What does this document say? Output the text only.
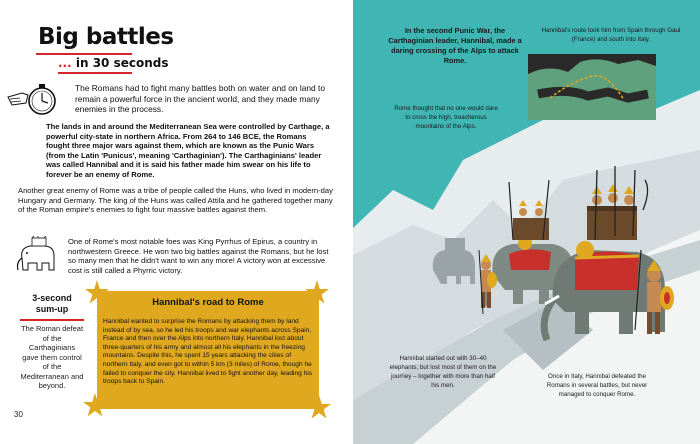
Big battles
... in 30 seconds
The Romans had to fight many battles both on water and on land to remain a powerful force in the ancient world, and they made many enemies in the process.
The lands in and around the Mediterranean Sea were controlled by Carthage, a powerful city-state in northern Africa. From 264 to 146 BCE, the Romans fought three major wars against them, which are known as the Punic Wars (from the Latin 'Punicus', meaning 'Carthaginian'). The Carthaginians' leader was called Hannibal and it is said his father made him swear on his life to forever be an enemy of Rome.
Another great enemy of Rome was a tribe of people called the Huns, who lived in modern-day Hungary and Germany. The king of the Huns was called Attila and he gathered together many of the Roman empire's enemies to fight four massive battles against them.
One of Rome's most notable foes was King Pyrrhus of Epirus, a country in northwestern Greece. He won two big battles against the Romans, but he lost so many men that he didn't want to win any more! A victory won at excessive cost is still called a Phyrric victory.
3-second sum-up
The Roman defeat of the Carthaginians gave them control of the Mediterranean and beyond.
30
Hannibal's road to Rome
Hannibal wanted to surprise the Romans by attacking them by land instead of by sea, so he led his troops and war elephants across Spain, France and then over the Alps into northern Italy. Hannibal lost about three-quarters of his army and almost all his elephants in the freezing mountains. Despite this, he spent 15 years attacking the cities of northern Italy, and even got to within 5 km (3 miles) of Rome, though he failed to conquer the city. Hannibal lived to fight another day, leading his troops back to Spain.
In the second Punic War, the Carthaginian leader, Hannibal, made a daring crossing of the Alps to attack Rome.
Hannibal's route took him from Spain through Gaul (France) and south into Italy.
Rome thought that no one would dare to cross the high, treacherous mountains of the Alps.
Hannibal started out with 30–40 elephants, but lost most of them on the journey – together with more than half his men.
Once in Italy, Hannibal defeated the Romans in several battles, but never managed to conquer Rome.
